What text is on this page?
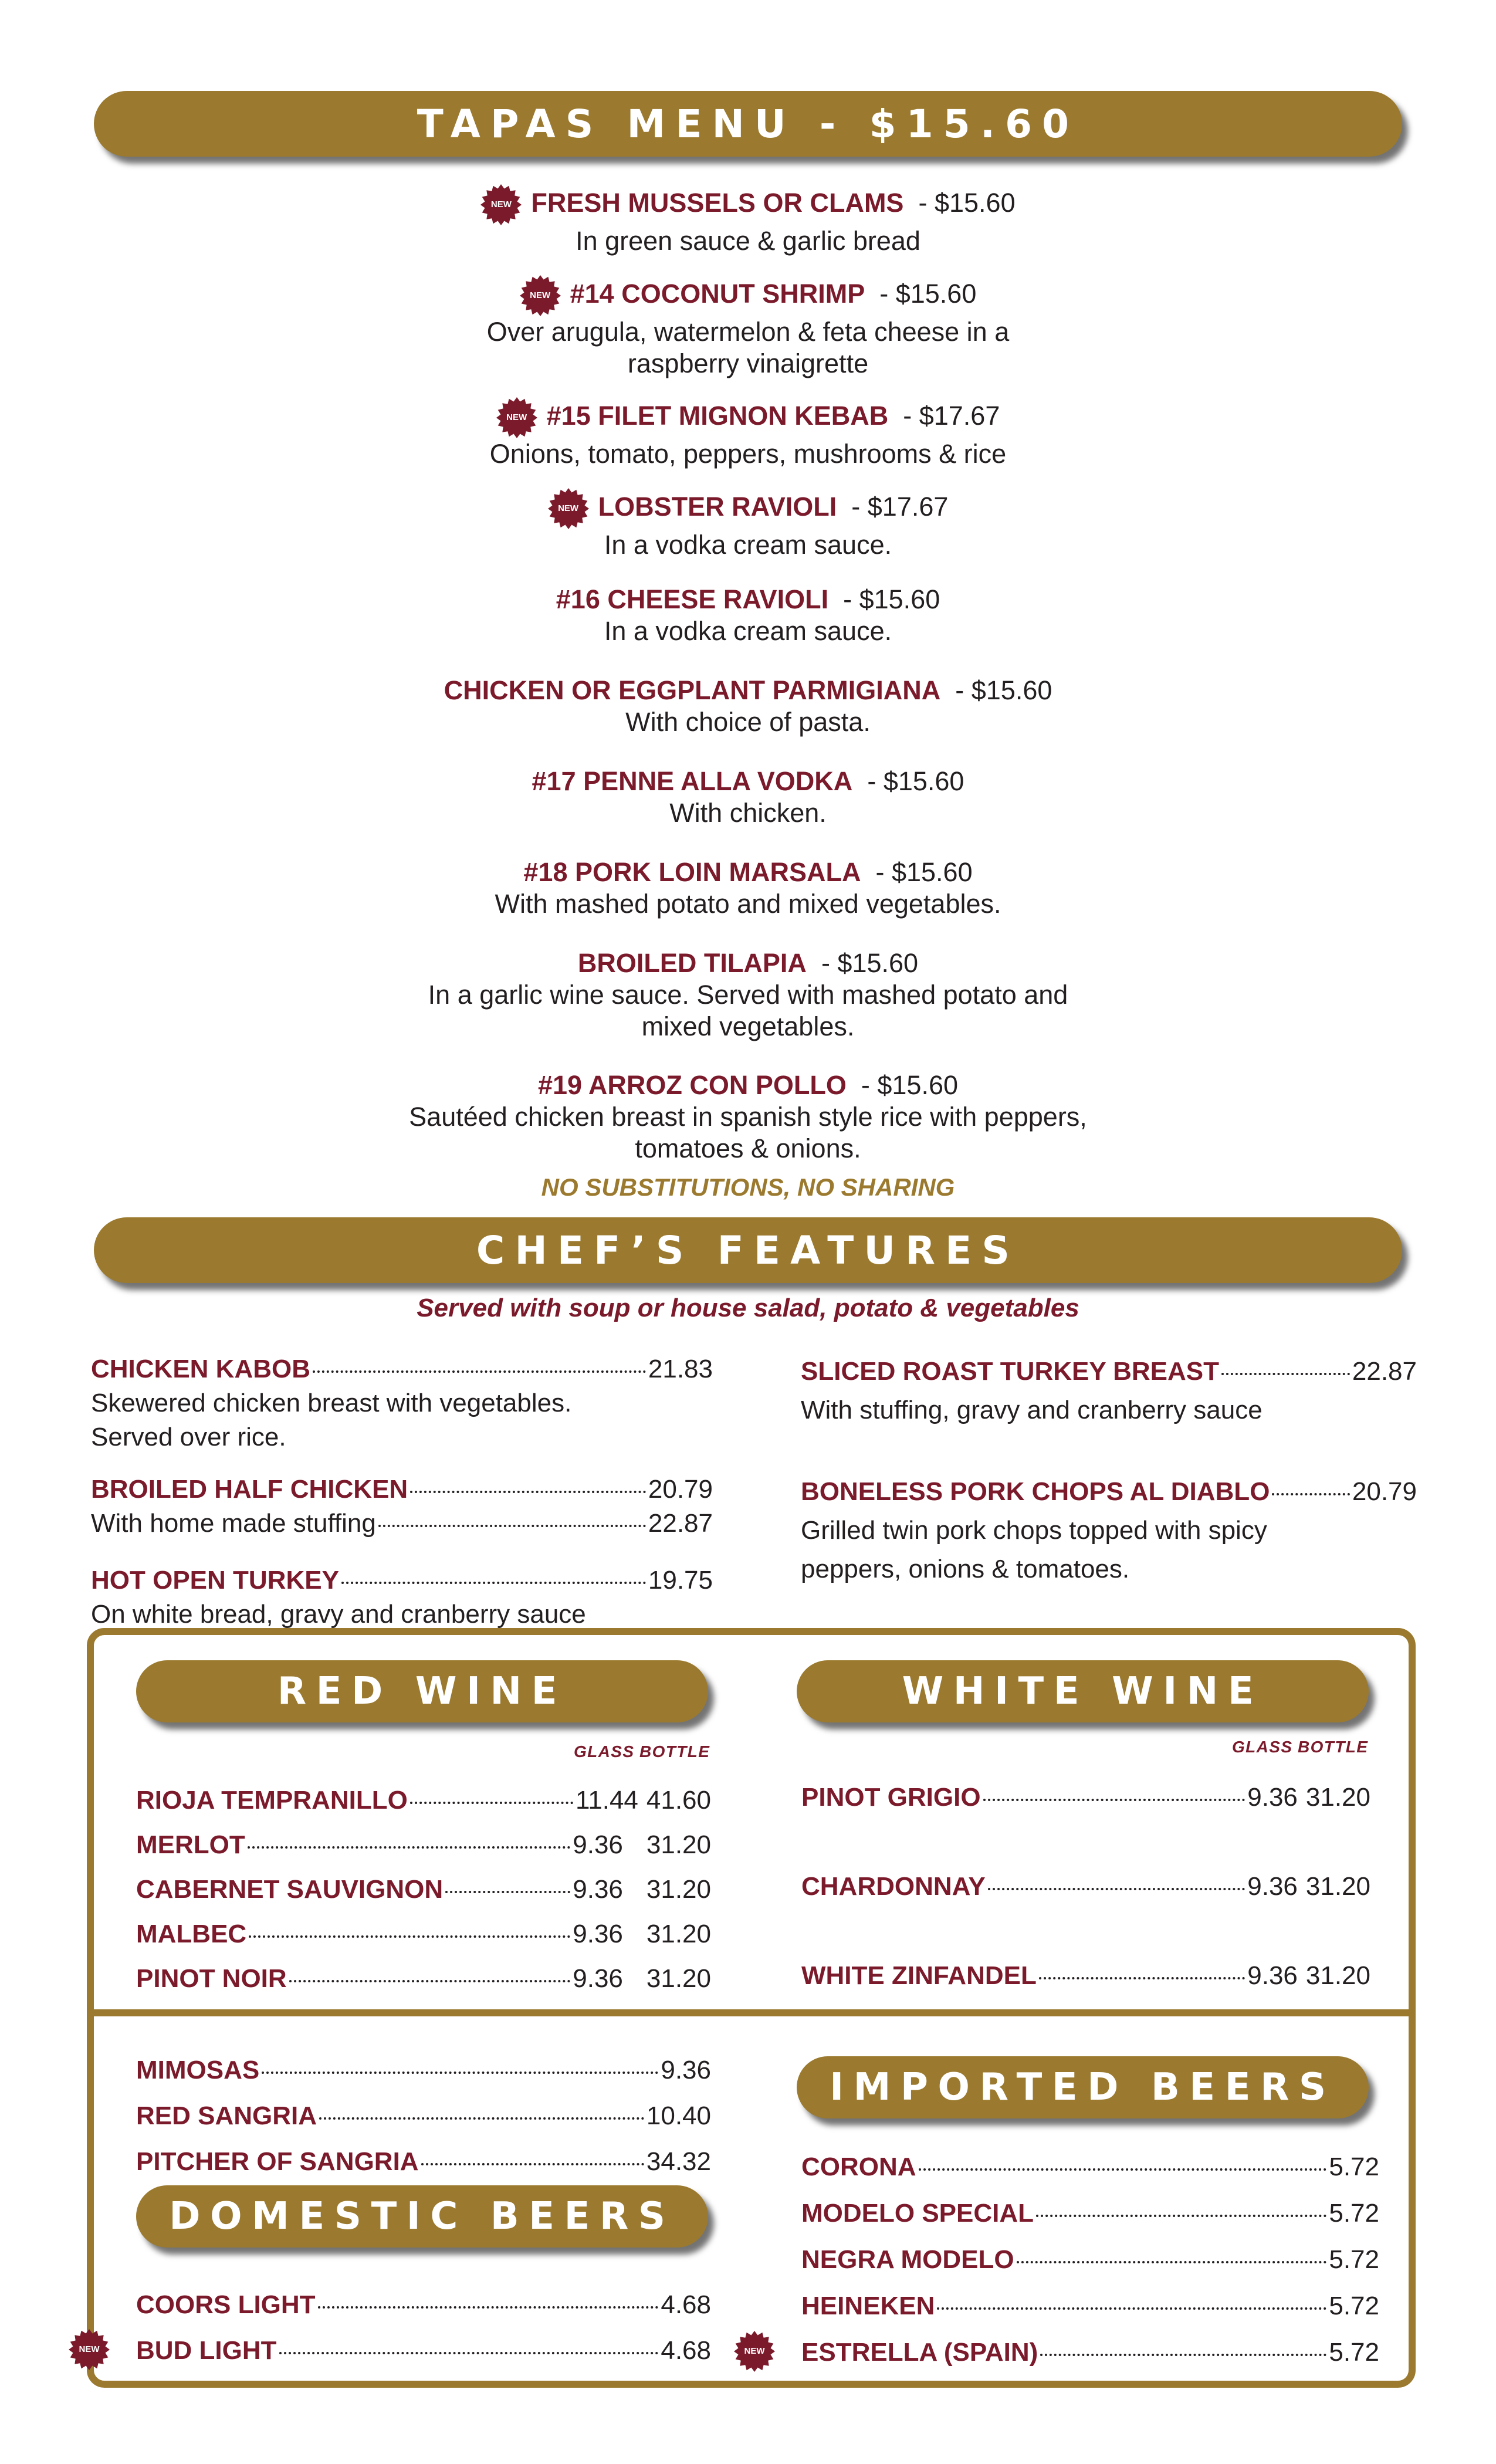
TAPAS MENU - $15.60
NEW FRESH MUSSELS OR CLAMS - $15.60
In green sauce & garlic bread
NEW #14 COCONUT SHRIMP - $15.60
Over arugula, watermelon & feta cheese in a
raspberry vinaigrette
NEW #15 FILET MIGNON KEBAB - $17.67
Onions, tomato, peppers, mushrooms & rice
NEW LOBSTER RAVIOLI - $17.67
In a vodka cream sauce.
#16 CHEESE RAVIOLI - $15.60
In a vodka cream sauce.
CHICKEN OR EGGPLANT PARMIGIANA - $15.60
With choice of pasta.
#17 PENNE ALLA VODKA - $15.60
With chicken.
#18 PORK LOIN MARSALA - $15.60
With mashed potato and mixed vegetables.
BROILED TILAPIA - $15.60
In a garlic wine sauce. Served with mashed potato and
mixed vegetables.
#19 ARROZ CON POLLO - $15.60
Sautéed chicken breast in spanish style rice with peppers,
tomatoes & onions.
NO SUBSTITUTIONS, NO SHARING
CHEF’S FEATURES
Served with soup or house salad, potato & vegetables
CHICKEN KABOB	21.83
Skewered chicken breast with vegetables.
Served over rice.
BROILED HALF CHICKEN	20.79
With home made stuffing	22.87
HOT OPEN TURKEY	19.75
On white bread, gravy and cranberry sauce
SLICED ROAST TURKEY BREAST	22.87
With stuffing, gravy and cranberry sauce
BONELESS PORK CHOPS AL DIABLO	20.79
Grilled twin pork chops topped with spicy
peppers, onions & tomatoes.
RED WINE	WHITE WINE
GLASS BOTTLE	GLASS BOTTLE
RIOJA TEMPRANILLO	11.44 41.60
MERLOT	9.36 31.20
CABERNET SAUVIGNON	9.36 31.20
MALBEC	9.36 31.20
PINOT NOIR	9.36 31.20
PINOT GRIGIO	9.36 31.20
CHARDONNAY	9.36 31.20
WHITE ZINFANDEL	9.36 31.20
MIMOSAS	9.36
RED SANGRIA	10.40
PITCHER OF SANGRIA	34.32
DOMESTIC BEERS
IMPORTED BEERS
COORS LIGHT	4.68
NEW BUD LIGHT	4.68
CORONA	5.72
MODELO SPECIAL	5.72
NEGRA MODELO	5.72
HEINEKEN	5.72
NEW ESTRELLA (SPAIN)	5.72
